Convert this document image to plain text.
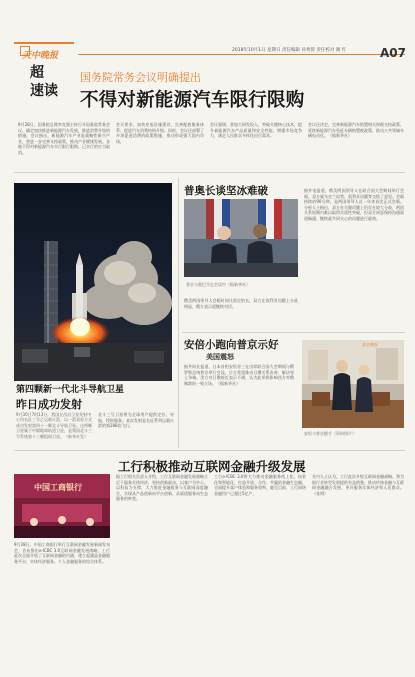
天中晚报
超
速读
2018年10月1日 星期日 责任编辑 孙秀蓉 责任校对 谢 红	A07
国务院常务会议明确提出
不得对新能源汽车限行限购
9月28日，国务院总理李克强主持召开国务院常务会议，确定加快推进新能源汽车发展、推进消费升级的措施。会议指出，新能源汽车产业是战略性新兴产业，要进一步完善支持政策，推动产业健康发展。各地不得对新能源汽车实行限行限购，已实行的应当取消。
会议要求，加快充电设施建设，完善配套服务体系，促进汽车消费结构升级。同时，会议还部署了多项促进消费的政策措施，推动形成强大国内市场。
会议强调，要加大研发投入，突破关键核心技术，提升新能源汽车产品质量和安全性能，增强市场竞争力，满足人民群众多样化出行需求。
会议还决定，完善新能源汽车购置相关财税支持政策，延续新能源汽车免征车辆购置税政策，推动公共领域车辆电动化。（据新华社）
第四颗新一代北斗导航卫星
昨日成功发射
9月30日7时13分，我国在西昌卫星发射中心用长征三号乙运载火箭，以一箭双星方式成功发射第四十一颗北斗导航卫星。这两颗卫星属于中圆地球轨道卫星，是我国北斗三号系统第十三颗组网卫星。（新华社发）
北斗三号卫星将为全球用户提供定位、导航、授时服务。本次发射是长征系列运载火箭的第288次飞行。
普奥长谈坚冰难破
普京与奥巴马在会谈中（据新华社）
俄美两国领导人会晤时间比预定的长，双方在叙利亚问题上分歧明显，俄方表示愿继续对话。
据外电报道，俄美两国领导人在联合国大会期间举行会晤。双方就乌克兰局势、叙利亚问题等交换了意见。会晤持续约90分钟，是两国领导人近一年来首次正式会晤。分析人士指出，双方在关键问题上仍存在较大分歧，两国关系短期内难以取得实质性突破，但双方同意保持沟通渠道畅通，继续就共同关心的问题进行磋商。
安倍小跑向普京示好
美国震怒
据共同社报道，日本首相安倍晋三在出席联合国大会期间与俄罗斯总统普京举行会谈。日方希望推动日俄关系改善，解决领土争端。美方对日俄接近表示不满，认为此举将影响西方对俄制裁的一致立场。（据新华社）
北京晚报
安倍与普京握手（资料图片）
工行积极推动互联网金融升级发展
中国工商银行
9月28日，中国工商银行举行互联网金融发展新闻发布会，宣布推出e-ICBC 3.0互联网金融发展战略，工行此次全面升级了互联网金融的内涵，建立起涵盖金融服务平台、实体经济服务、个人金融服务的综合体系。
据工行相关负责人介绍，工行互联网金融发展战略立足于服务实体经济，坚持创新驱动，以客户为中心，以科技为支撑，大力推进金融服务与互联网深度融合，实现从产品创新向平台创新、从渠道服务向生态服务的转变。
工行e-ICBC 3.0将大力推动金融服务线上化、场景化和智能化，打造开放、合作、共赢的金融生态圈，全面提升客户体验和服务效率。截至目前，工行网络金融用户已超过5亿户。
业内人士认为，工行此次升级互联网金融战略，将为银行业转型发展提供有益借鉴，推动传统金融与互联网金融融合发展，更好服务实体经济和人民群众。（张明）
